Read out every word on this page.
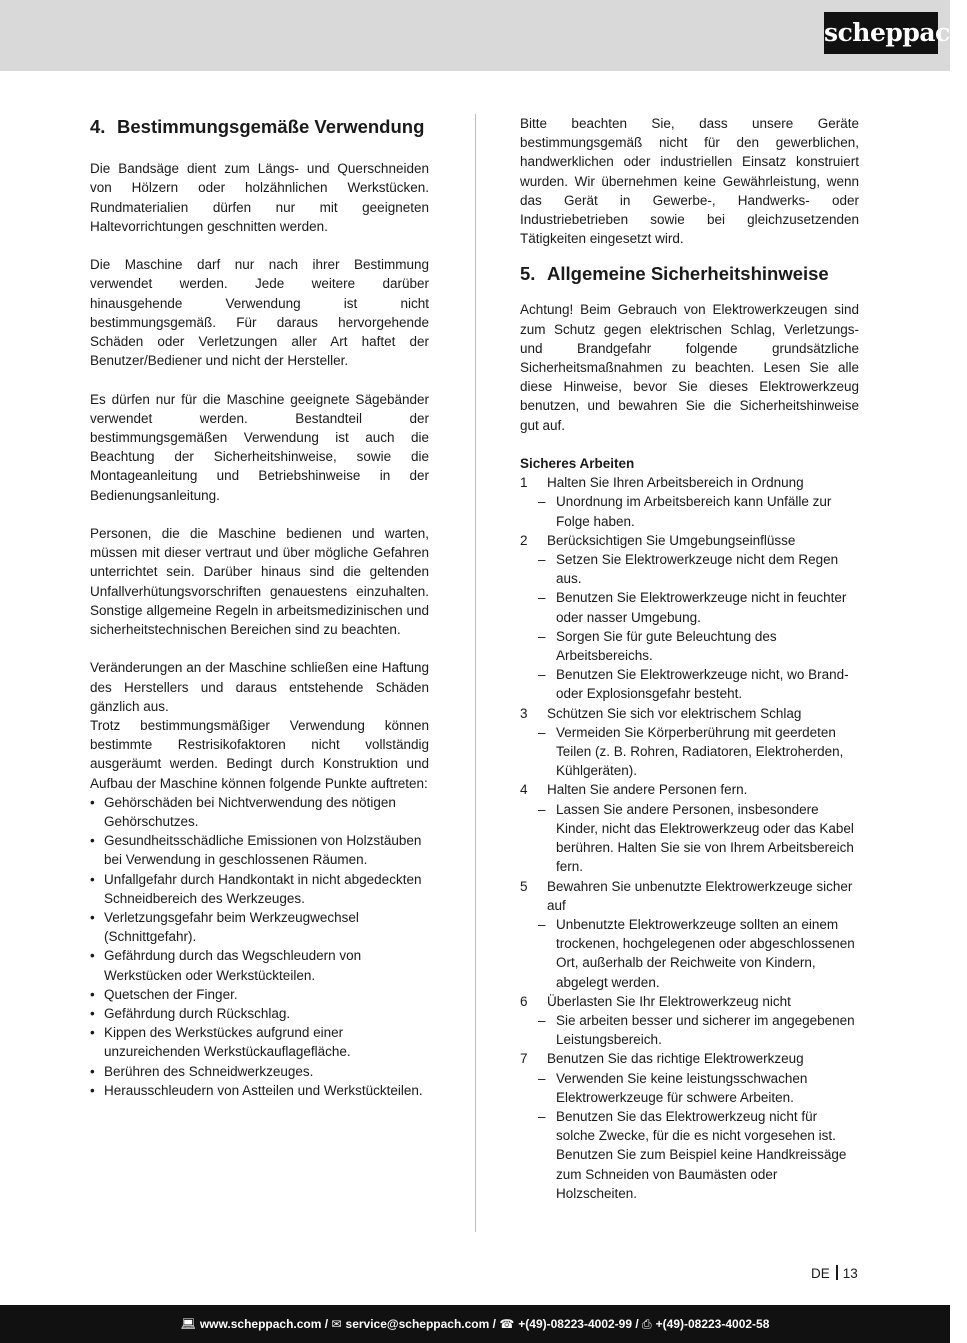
scheppach
4. Bestimmungsgemäße Verwendung

Die Bandsäge dient zum Längs- und Querschneiden von Hölzern oder holzähnlichen Werkstücken. Rundmaterialien dürfen nur mit geeigneten Haltevorrichtungen geschnitten werden.

Die Maschine darf nur nach ihrer Bestimmung verwendet werden. Jede weitere darüber hinausgehende Verwendung ist nicht bestimmungsgemäß. Für daraus hervorgehende Schäden oder Verletzungen aller Art haftet der Benutzer/Bediener und nicht der Hersteller.

Es dürfen nur für die Maschine geeignete Sägebänder verwendet werden. Bestandteil der bestimmungsgemäßen Verwendung ist auch die Beachtung der Sicherheitshinweise, sowie die Montageanleitung und Betriebshinweise in der Bedienungsanleitung.

Personen, die die Maschine bedienen und warten, müssen mit dieser vertraut und über mögliche Gefahren unterrichtet sein. Darüber hinaus sind die geltenden Unfallverhütungsvorschriften genauestens einzuhalten. Sonstige allgemeine Regeln in arbeitsmedizinischen und sicherheitstechnischen Bereichen sind zu beachten.

Veränderungen an der Maschine schließen eine Haftung des Herstellers und daraus entstehende Schäden gänzlich aus.

Trotz bestimmungsmäßiger Verwendung können bestimmte Restrisikofaktoren nicht vollständig ausgeräumt werden. Bedingt durch Konstruktion und Aufbau der Maschine können folgende Punkte auftreten:

• Gehörschäden bei Nichtverwendung des nötigen Gehörschutzes.
• Gesundheitsschädliche Emissionen von Holzstäuben bei Verwendung in geschlossenen Räumen.
• Unfallgefahr durch Handkontakt in nicht abgedeckten Schneidbereich des Werkzeuges.
• Verletzungsgefahr beim Werkzeugwechsel (Schnittgefahr).
• Gefährdung durch das Wegschleudern von Werkstücken oder Werkstückteilen.
• Quetschen der Finger.
• Gefährdung durch Rückschlag.
• Kippen des Werkstückes aufgrund einer unzureichenden Werkstückauflagefläche.
• Berühren des Schneidwerkzeuges.
• Herausschleudern von Astteilen und Werkstückteilen.

Bitte beachten Sie, dass unsere Geräte bestimmungsgemäß nicht für den gewerblichen, handwerklichen oder industriellen Einsatz konstruiert wurden. Wir übernehmen keine Gewährleistung, wenn das Gerät in Gewerbe-, Handwerks- oder Industriebetrieben sowie bei gleichzusetzenden Tätigkeiten eingesetzt wird.

5. Allgemeine Sicherheitshinweise

Achtung! Beim Gebrauch von Elektrowerkzeugen sind zum Schutz gegen elektrischen Schlag, Verletzungs- und Brandgefahr folgende grundsätzliche Sicherheitsmaßnahmen zu beachten. Lesen Sie alle diese Hinweise, bevor Sie dieses Elektrowerkzeug benutzen, und bewahren Sie die Sicherheitshinweise gut auf.

Sicheres Arbeiten

1 Halten Sie Ihren Arbeitsbereich in Ordnung
– Unordnung im Arbeitsbereich kann Unfälle zur Folge haben.
2 Berücksichtigen Sie Umgebungseinflüsse
– Setzen Sie Elektrowerkzeuge nicht dem Regen aus.
– Benutzen Sie Elektrowerkzeuge nicht in feuchter oder nasser Umgebung.
– Sorgen Sie für gute Beleuchtung des Arbeitsbereichs.
– Benutzen Sie Elektrowerkzeuge nicht, wo Brand- oder Explosionsgefahr besteht.
3 Schützen Sie sich vor elektrischem Schlag
– Vermeiden Sie Körperberührung mit geerdeten Teilen (z. B. Rohren, Radiatoren, Elektroherden, Kühlgeräten).
4 Halten Sie andere Personen fern.
– Lassen Sie andere Personen, insbesondere Kinder, nicht das Elektrowerkzeug oder das Kabel berühren. Halten Sie sie von Ihrem Arbeitsbereich fern.
5 Bewahren Sie unbenutzte Elektrowerkzeuge sicher auf
– Unbenutzte Elektrowerkzeuge sollten an einem trockenen, hochgelegenen oder abgeschlossenen Ort, außerhalb der Reichweite von Kindern, abgelegt werden.
6 Überlasten Sie Ihr Elektrowerkzeug nicht
– Sie arbeiten besser und sicherer im angegebenen Leistungsbereich.
7 Benutzen Sie das richtige Elektrowerkzeug
– Verwenden Sie keine leistungsschwachen Elektrowerkzeuge für schwere Arbeiten.
– Benutzen Sie das Elektrowerkzeug nicht für solche Zwecke, für die es nicht vorgesehen ist. Benutzen Sie zum Beispiel keine Handkreissäge zum Schneiden von Baumästen oder Holzscheiten.
DE 13
💻︎ www.scheppach.com / ✉ service@scheppach.com / ☎ +(49)-08223-4002-99 / ⎙ +(49)-08223-4002-58
